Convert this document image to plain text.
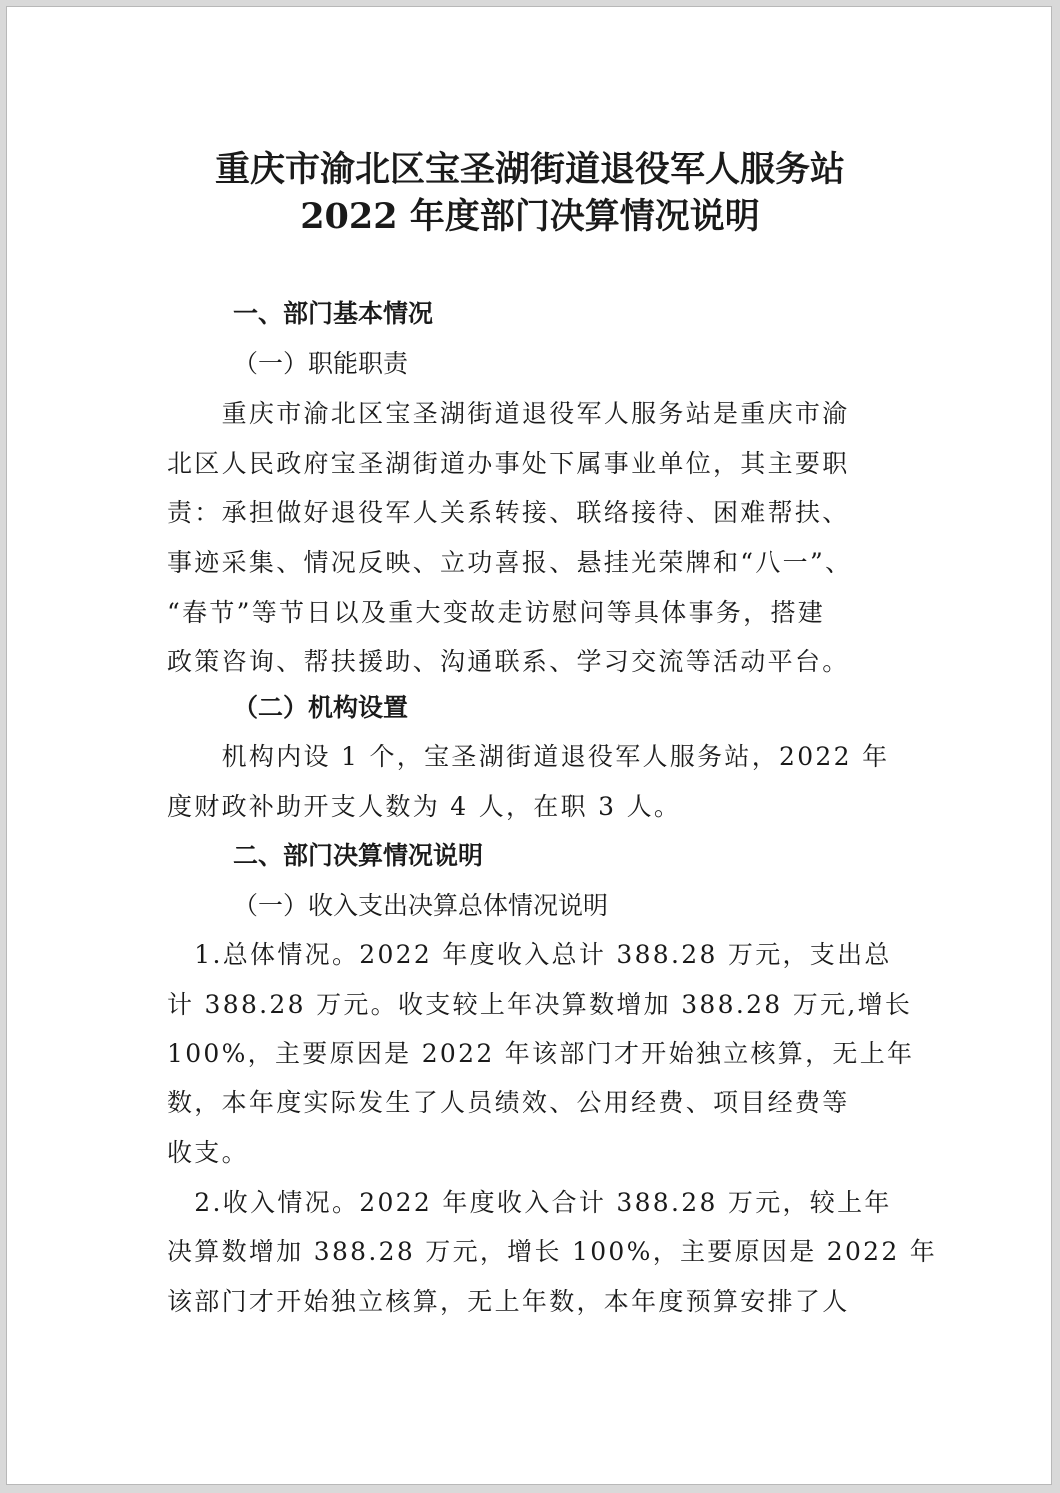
重庆市渝北区宝圣湖街道退役军人服务站
2022 年度部门决算情况说明
一、部门基本情况
（一）职能职责
　　重庆市渝北区宝圣湖街道退役军人服务站是重庆市渝
北区人民政府宝圣湖街道办事处下属事业单位，其主要职
责：承担做好退役军人关系转接、联络接待、困难帮扶、
事迹采集、情况反映、立功喜报、悬挂光荣牌和“八一”、
“春节”等节日以及重大变故走访慰问等具体事务，搭建
政策咨询、帮扶援助、沟通联系、学习交流等活动平台。
（二）机构设置
　　机构内设 1 个，宝圣湖街道退役军人服务站，2022 年
度财政补助开支人数为 4 人，在职 3 人。
二、部门决算情况说明
（一）收入支出决算总体情况说明
　1.总体情况。2022 年度收入总计 388.28 万元，支出总
计 388.28 万元。收支较上年决算数增加 388.28 万元,增长
100%，主要原因是 2022 年该部门才开始独立核算，无上年
数，本年度实际发生了人员绩效、公用经费、项目经费等
收支。
　2.收入情况。2022 年度收入合计 388.28 万元，较上年
决算数增加 388.28 万元，增长 100%，主要原因是 2022 年
该部门才开始独立核算，无上年数，本年度预算安排了人
